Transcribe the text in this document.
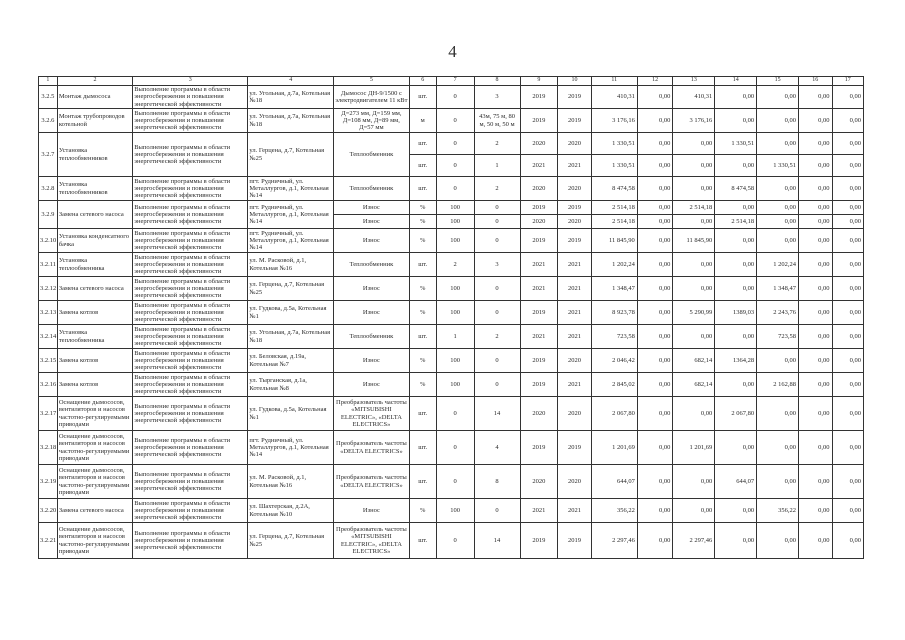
4
1	2	3	4	5	6	7	8	9	10	11	12	13	14	15	16	17
3.2.5	Монтаж дымососа	Выполнение программы в области энергосбережения и повышения энергетической эффективности	ул. Угольная, д.7а, Котельная №18	Дымосос ДН-9/1500 с электродвигателем 11 кВт	шт.	0	3	2019	2019	410,31	0,00	410,31	0,00	0,00	0,00	0,00
3.2.6	Монтаж трубопроводов котельной	Выполнение программы в области энергосбережения и повышения энергетической эффективности	ул. Угольная, д.7а, Котельная №18	Д=273 мм, Д=159 мм, Д=108 мм, Д=89 мм, Д=57 мм	м	0	43м, 75 м, 80 м, 50 м, 50 м	2019	2019	3 176,16	0,00	3 176,16	0,00	0,00	0,00	0,00
3.2.7	Установка теплообменников	Выполнение программы в области энергосбережения и повышения энергетической эффективности	ул. Герцена, д.7, Котельная №25	Теплообменник	шт.	0	2	2020	2020	1 330,51	0,00	0,00	1 330,51	0,00	0,00	0,00
					шт.	0	1	2021	2021	1 330,51	0,00	0,00	0,00	1 330,51	0,00	0,00
3.2.8	Установка теплообменников	Выполнение программы в области энергосбережения и повышения энергетической эффективности	пгт. Рудничный, ул. Металлургов, д.1, Котельная №14	Теплообменник	шт.	0	2	2020	2020	8 474,58	0,00	0,00	8 474,58	0,00	0,00	0,00
3.2.9	Замена сетевого насоса	Выполнение программы в области энергосбережения и повышения энергетической эффективности	пгт. Рудничный, ул. Металлургов, д.1, Котельная №14	Износ	%	100	0	2019	2019	2 514,18	0,00	2 514,18	0,00	0,00	0,00	0,00
				Износ	%	100	0	2020	2020	2 514,18	0,00	0,00	2 514,18	0,00	0,00	0,00
3.2.10	Установка конденсатного бачка	Выполнение программы в области энергосбережения и повышения энергетической эффективности	пгт. Рудничный, ул. Металлургов, д.1, Котельная №14	Износ	%	100	0	2019	2019	11 845,90	0,00	11 845,90	0,00	0,00	0,00	0,00
3.2.11	Установка теплообменника	Выполнение программы в области энергосбережения и повышения энергетической эффективности	ул. М. Расковой, д.1, Котельная №16	Теплообменник	шт.	2	3	2021	2021	1 202,24	0,00	0,00	0,00	1 202,24	0,00	0,00
3.2.12	Замена сетевого насоса	Выполнение программы в области энергосбережения и повышения энергетической эффективности	ул. Герцена, д.7, Котельная №25	Износ	%	100	0	2021	2021	1 348,47	0,00	0,00	0,00	1 348,47	0,00	0,00
3.2.13	Замена котлов	Выполнение программы в области энергосбережения и повышения энергетической эффективности	ул. Гудкова, д.5а, Котельная №1	Износ	%	100	0	2019	2021	8 923,78	0,00	5 290,99	1389,03	2 243,76	0,00	0,00
3.2.14	Установка теплообменника	Выполнение программы в области энергосбережения и повышения энергетической эффективности	ул. Угольная, д.7а, Котельная №18	Теплообменник	шт.	1	2	2021	2021	723,58	0,00	0,00	0,00	723,58	0,00	0,00
3.2.15	Замена котлов	Выполнение программы в области энергосбережения и повышения энергетической эффективности	ул. Беловская, д.19а, Котельная №7	Износ	%	100	0	2019	2020	2 046,42	0,00	682,14	1364,28	0,00	0,00	0,00
3.2.16	Замена котлов	Выполнение программы в области энергосбережения и повышения энергетической эффективности	ул. Тырганская, д.1а, Котельная №8	Износ	%	100	0	2019	2021	2 845,02	0,00	682,14	0,00	2 162,88	0,00	0,00
3.2.17	Оснащение дымососов, вентиляторов и насосов частотно-регулируемыми приводами	Выполнение программы в области энергосбережения и повышения энергетической эффективности	ул. Гудкова, д.5а, Котельная №1	Преобразователь частоты «MITSUBISHI ELECTRIC», «DELTA ELECTRICS»	шт.	0	14	2020	2020	2 067,80	0,00	0,00	2 067,80	0,00	0,00	0,00
3.2.18	Оснащение дымососов, вентиляторов и насосов частотно-регулируемыми приводами	Выполнение программы в области энергосбережения и повышения энергетической эффективности	пгт. Рудничный, ул. Металлургов, д.1, Котельная №14	Преобразователь частоты «DELTA ELECTRICS»	шт.	0	4	2019	2019	1 201,69	0,00	1 201,69	0,00	0,00	0,00	0,00
3.2.19	Оснащение дымососов, вентиляторов и насосов частотно-регулируемыми приводами	Выполнение программы в области энергосбережения и повышения энергетической эффективности	ул. М. Расковой, д.1, Котельная №16	Преобразователь частоты «DELTA ELECTRICS»	шт.	0	8	2020	2020	644,07	0,00	0,00	644,07	0,00	0,00	0,00
3.2.20	Замена сетевого насоса	Выполнение программы в области энергосбережения и повышения энергетической эффективности	ул. Шахтерская, д.2А, Котельная №10	Износ	%	100	0	2021	2021	356,22	0,00	0,00	0,00	356,22	0,00	0,00
3.2.21	Оснащение дымососов, вентиляторов и насосов частотно-регулируемыми приводами	Выполнение программы в области энергосбережения и повышения энергетической эффективности	ул. Герцена, д.7, Котельная №25	Преобразователь частоты «MITSUBISHI ELECTRIC», «DELTA ELECTRICS»	шт.	0	14	2019	2019	2 297,46	0,00	2 297,46	0,00	0,00	0,00	0,00
